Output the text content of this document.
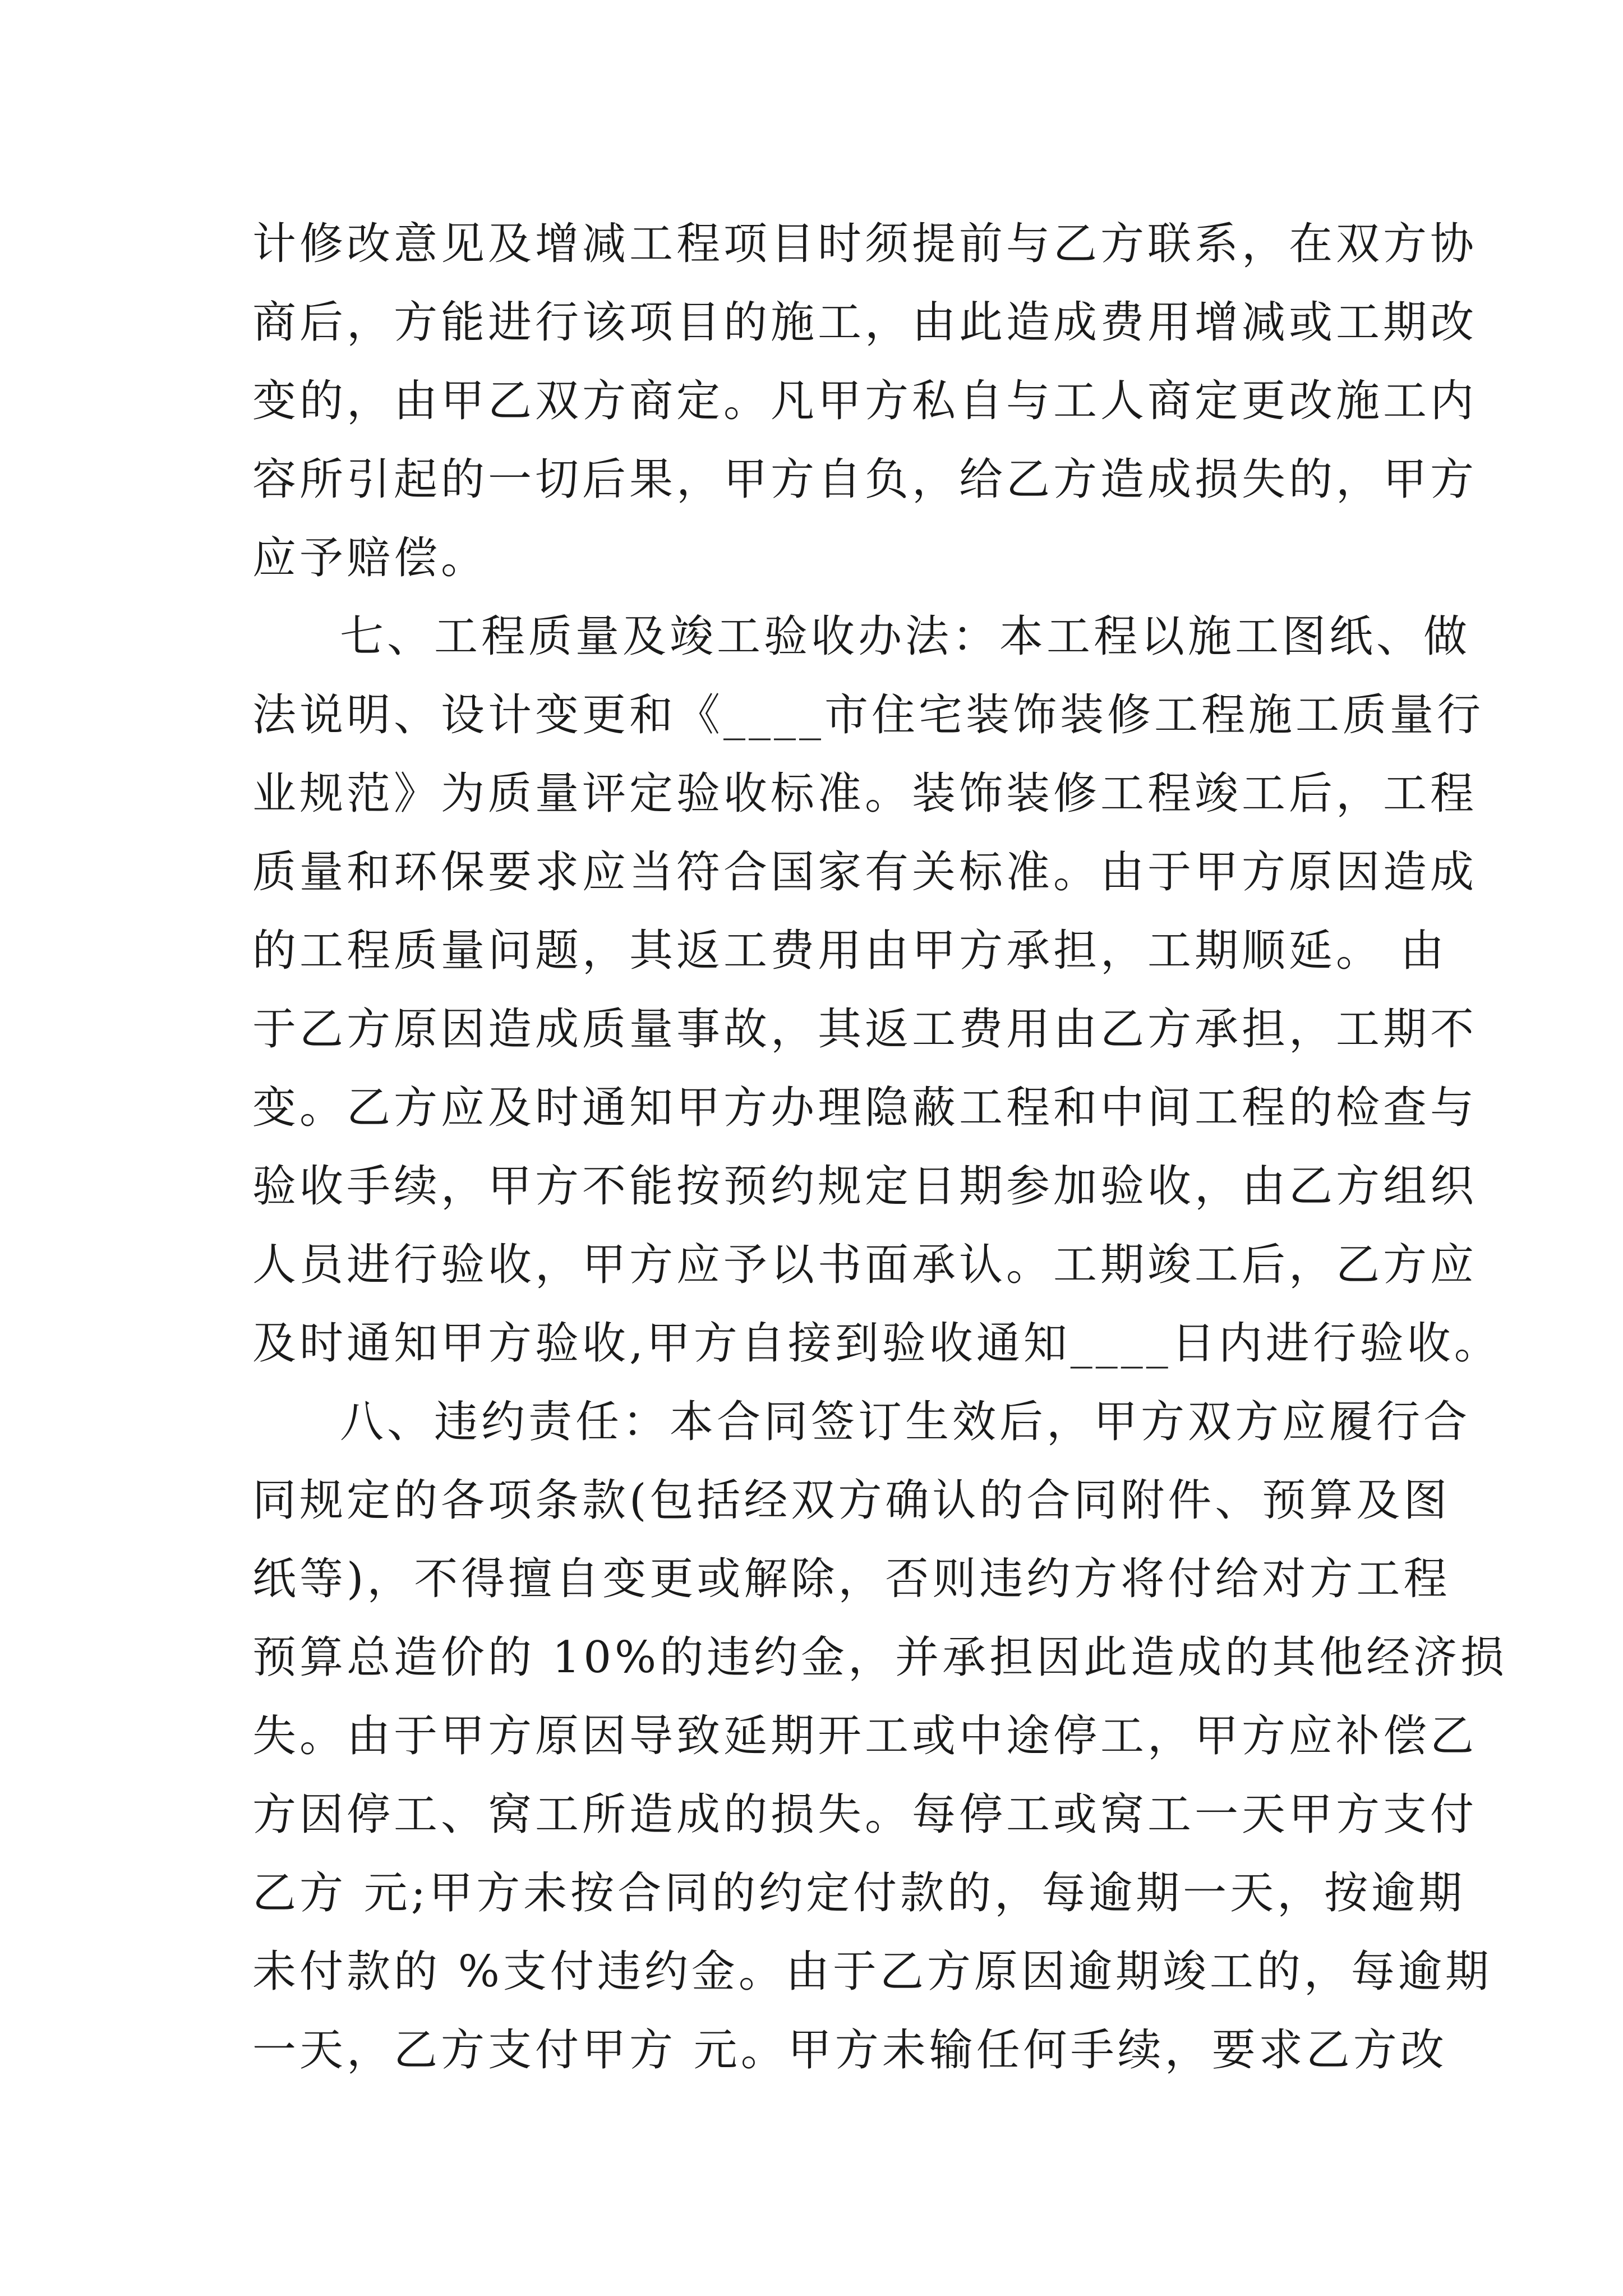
计修改意见及增减工程项目时须提前与乙方联系，在双方协
商后，方能进行该项目的施工，由此造成费用增减或工期改
变的，由甲乙双方商定。凡甲方私自与工人商定更改施工内
容所引起的一切后果，甲方自负，给乙方造成损失的，甲方
应予赔偿。
七、工程质量及竣工验收办法：本工程以施工图纸、做
法说明、设计变更和《____市住宅装饰装修工程施工质量行
业规范》为质量评定验收标准。装饰装修工程竣工后，工程
质量和环保要求应当符合国家有关标准。由于甲方原因造成
的工程质量问题，其返工费用由甲方承担，工期顺延。 由
于乙方原因造成质量事故，其返工费用由乙方承担，工期不
变。乙方应及时通知甲方办理隐蔽工程和中间工程的检查与
验收手续，甲方不能按预约规定日期参加验收，由乙方组织
人员进行验收，甲方应予以书面承认。工期竣工后，乙方应
及时通知甲方验收,甲方自接到验收通知____日内进行验收。
八、违约责任：本合同签订生效后，甲方双方应履行合
同规定的各项条款(包括经双方确认的合同附件、预算及图
纸等)，不得擅自变更或解除，否则违约方将付给对方工程
预算总造价的 10%的违约金，并承担因此造成的其他经济损
失。由于甲方原因导致延期开工或中途停工，甲方应补偿乙
方因停工、窝工所造成的损失。每停工或窝工一天甲方支付
乙方 元;甲方未按合同的约定付款的，每逾期一天，按逾期
未付款的 %支付违约金。由于乙方原因逾期竣工的，每逾期
一天，乙方支付甲方 元。甲方未输任何手续，要求乙方改
